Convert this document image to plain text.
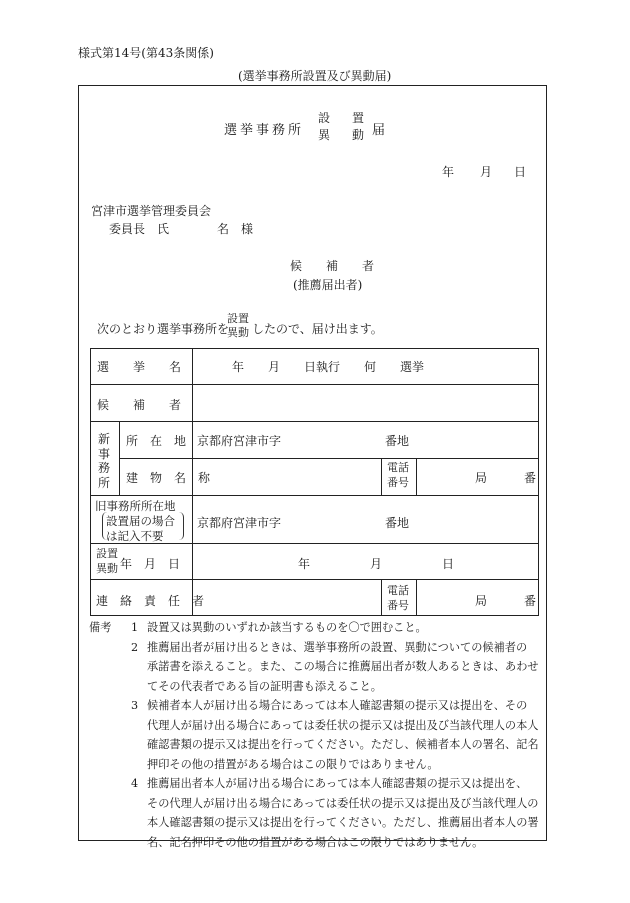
様式第14号(第43条関係)
(選挙事務所設置及び異動届)
選挙事務所
設 置
異 動 届
年 月 日
宮津市選挙管理委員会
委員長　氏　　　　名　様
候　　補　　者
(推薦届出者)
次のとおり選挙事務所を
設置
異動 したので、届け出ます。
選　　挙　　名	年　　月　　日執行　　何　　選挙
候　　補　　者
新
事
務
所
所　在　地 京都府宮津市字	番地
建　物　名　称
電話
番号	局	番
旧事務所所在地
設置届の場合
は記入不要
京都府宮津市字	番地
設置
異動 年　月　日	年　　　　　月　　　　　日
連　絡　責　任　者
電話
番号	局	番
備考	1 設置又は異動のいずれか該当するものを〇で囲むこと。
2 推薦届出者が届け出るときは、選挙事務所の設置、異動についての候補者の
承諾書を添えること。また、この場合に推薦届出者が数人あるときは、あわせ
てその代表者である旨の証明書も添えること。
3 候補者本人が届け出る場合にあっては本人確認書類の提示又は提出を、その
代理人が届け出る場合にあっては委任状の提示又は提出及び当該代理人の本人
確認書類の提示又は提出を行ってください。ただし、候補者本人の署名、記名
押印その他の措置がある場合はこの限りではありません。
4 推薦届出者本人が届け出る場合にあっては本人確認書類の提示又は提出を、
その代理人が届け出る場合にあっては委任状の提示又は提出及び当該代理人の
本人確認書類の提示又は提出を行ってください。ただし、推薦届出者本人の署
名、記名押印その他の措置がある場合はこの限りではありません。
